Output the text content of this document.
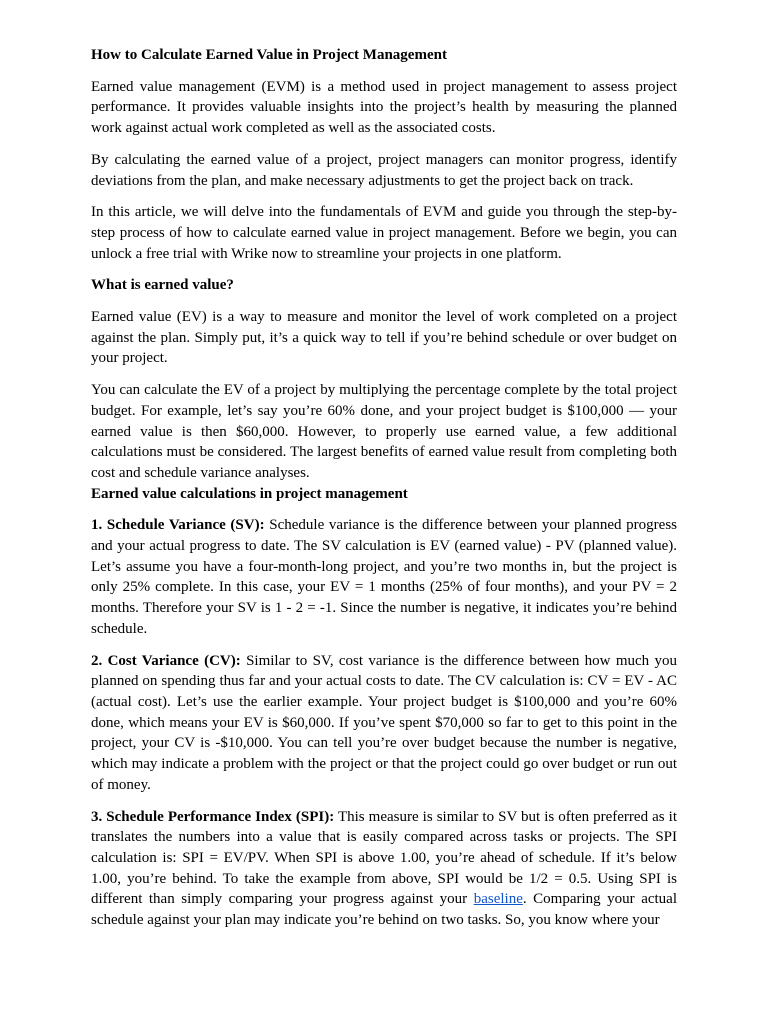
How to Calculate Earned Value in Project Management

Earned value management (EVM) is a method used in project management to assess project performance. It provides valuable insights into the project’s health by measuring the planned work against actual work completed as well as the associated costs.

By calculating the earned value of a project, project managers can monitor progress, identify deviations from the plan, and make necessary adjustments to get the project back on track.

In this article, we will delve into the fundamentals of EVM and guide you through the step-by-step process of how to calculate earned value in project management. Before we begin, you can unlock a free trial with Wrike now to streamline your projects in one platform.

What is earned value?

Earned value (EV) is a way to measure and monitor the level of work completed on a project against the plan. Simply put, it’s a quick way to tell if you’re behind schedule or over budget on your project.

You can calculate the EV of a project by multiplying the percentage complete by the total project budget. For example, let’s say you’re 60% done, and your project budget is $100,000 — your earned value is then $60,000. However, to properly use earned value, a few additional calculations must be considered. The largest benefits of earned value result from completing both cost and schedule variance analyses.

Earned value calculations in project management

1. Schedule Variance (SV): Schedule variance is the difference between your planned progress and your actual progress to date. The SV calculation is EV (earned value) - PV (planned value). Let’s assume you have a four-month-long project, and you’re two months in, but the project is only 25% complete. In this case, your EV = 1 months (25% of four months), and your PV = 2 months. Therefore your SV is 1 - 2 = -1. Since the number is negative, it indicates you’re behind schedule.

2. Cost Variance (CV): Similar to SV, cost variance is the difference between how much you planned on spending thus far and your actual costs to date. The CV calculation is: CV = EV - AC (actual cost). Let’s use the earlier example. Your project budget is $100,000 and you’re 60% done, which means your EV is $60,000. If you’ve spent $70,000 so far to get to this point in the project, your CV is -$10,000. You can tell you’re over budget because the number is negative, which may indicate a problem with the project or that the project could go over budget or run out of money.

3. Schedule Performance Index (SPI): This measure is similar to SV but is often preferred as it translates the numbers into a value that is easily compared across tasks or projects. The SPI calculation is: SPI = EV/PV. When SPI is above 1.00, you’re ahead of schedule. If it’s below 1.00, you’re behind. To take the example from above, SPI would be 1/2 = 0.5. Using SPI is different than simply comparing your progress against your baseline. Comparing your actual schedule against your plan may indicate you’re behind on two tasks. So, you know where your
